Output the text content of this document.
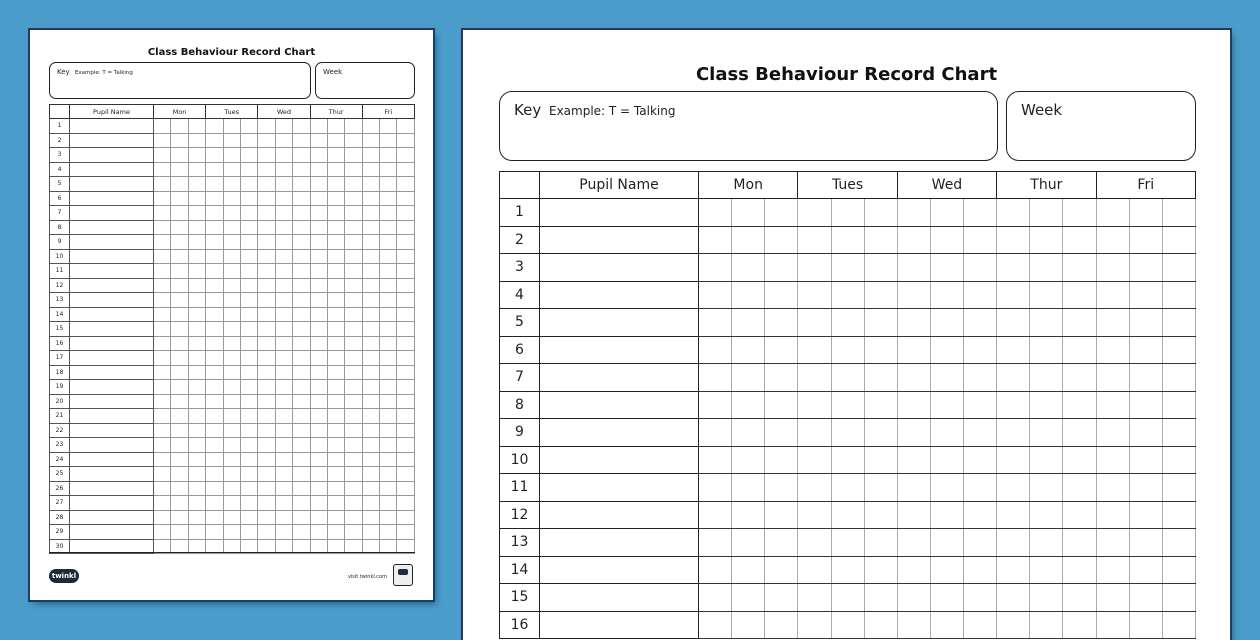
Class Behaviour Record Chart
Key Example: T = Talking	Week
	Pupil Name	Mon			Tues			Wed			Thur			Fri		
1																
2																
3																
4																
5																
6																
7																
8																
9																
10																
11																
12																
13																
14																
15																
16																
17																
18																
19																
20																
21																
22																
23																
24																
25																
26																
27																
28																
29																
30																
twinkl	visit twinkl.com
Class Behaviour Record Chart
Key Example: T = Talking	Week
	Pupil Name	Mon			Tues			Wed			Thur			Fri		
1																
2																
3																
4																
5																
6																
7																
8																
9																
10																
11																
12																
13																
14																
15																
16																
